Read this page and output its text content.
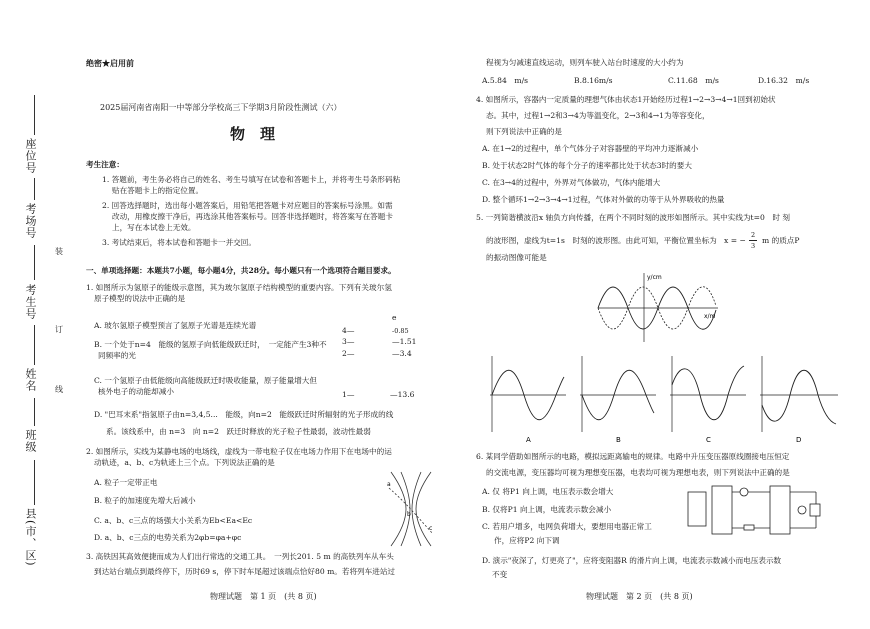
座位号
考场号
考生号
姓名
班级
县(市、区)
装
订
线
绝密★启用前
2025届河南省南阳一中等部分学校高三下学期3月阶段性测试（六）
物　理
考生注意：
1. 答题前，考生务必将自己的姓名、考生号填写在试卷和答题卡上，并将考生号条形码粘
贴在答题卡上的指定位置。
2. 回答选择题时，选出每小题答案后，用铅笔把答题卡对应题目的答案标号涂黑。如需
改动，用橡皮擦干净后，再选涂其他答案标号。回答非选择题时，将答案写在答题卡
上，写在本试卷上无效。
3. 考试结束后，将本试卷和答题卡一并交回。
一、单项选择题：本题共7小题，每小题4分，共28分。每小题只有一个选项符合题目要求。
1. 如图所示为氢原子的能级示意图，其为玻尔氢原子结构模型的重要内容。下列有关玻尔氢
原子模型的说法中正确的是
A. 玻尔氢原子模型预言了氢原子光谱是连续光谱
B. 一个处于n=4　能级的氢原子向低能级跃迁时，　一定能产生3种不
同频率的光
C. 一个氢原子由低能级向高能级跃迁时吸收能量，原子能量增大但
核外电子的动能却减小
D. "巴耳末系"指氢原子由n=3,4,5...　能级，向n=2　能级跃迁时所辐射的光子形成的线
系。该线系中，由 n=3　向 n=2　跃迁时释放的光子粒子性最弱，波动性最弱
e
4—	-0.85
3—	—1.51
2—	—3.4
1—	—13.6
2. 如图所示，实线为某静电场的电场线，虚线为一带电粒子仅在电场力作用下在电场中的运
动轨迹，a、b、c为轨迹上三个点。下列说法正确的是
A. 粒子一定带正电
B. 粒子的加速度先增大后减小
C. a、b、c三点的场强大小关系为Eb<Ea<Ec
D. a、b、c三点的电势关系为2φb=φa+φc
a
b
c
3. 高铁因其高效便捷而成为人们出行常选的交通工具。　一列长201. 5 m 的高铁列车从车头
到达站台端点到最终停下，历时69 s，停下时车尾超过该端点恰好80 m。若将列车进站过
物理试题　第 1 页　(共 8 页)
程视为匀减速直线运动，则列车驶入站台时速度的大小约为
A.5.84　m/s	B.8.16m/s	C.11.68　m/s	D.16.32　m/s
4. 如图所示，容器内一定质量的理想气体由状态1开始经历过程1→2→3→4→1回到初始状
态。其中，过程1→2和3→4为等温变化，2→3和4→1为等容变化，
则下列说法中正确的是
A. 在1→2的过程中，单个气体分子对容器壁的平均冲力逐渐减小
B. 处于状态2时气体的每个分子的速率都比处于状态3时的要大
C. 在3→4的过程中，外界对气体做功，气体内能增大
D. 整个循环1→2→3→4→1过程，气体对外做的功等于从外界吸收的热量
5. 一列简谐横波沿x 轴负方向传播，在两个不同时刻的波形如图所示。其中实线为t=0　时 刻
的波形图，虚线为t=1s　时刻的波形图。由此可知，平衡位置坐标为 x = −
2
3
m 的质点P
的振动图像可能是
y/cm
x/m
A	B	C	D
6. 某同学借助如图所示的电路，模拟远距离输电的规律。电路中升压变压器原线圈接电压恒定
的交流电源，变压器均可视为理想变压器，电表均可视为理想电表，则下列说法中正确的是
A. 仅 将P1 向上调，电压表示数会增大
B. 仅将P1 向上调，电流表示数会减小
C. 若用户增多，电网负荷增大，要想用电器正常工
作，应将P2 向下调
D. 演示"夜深了，灯更亮了"，应将变阻器R 的滑片向上调，电流表示数减小而电压表示数
不变
物理试题　第 2 页　(共 8 页)
